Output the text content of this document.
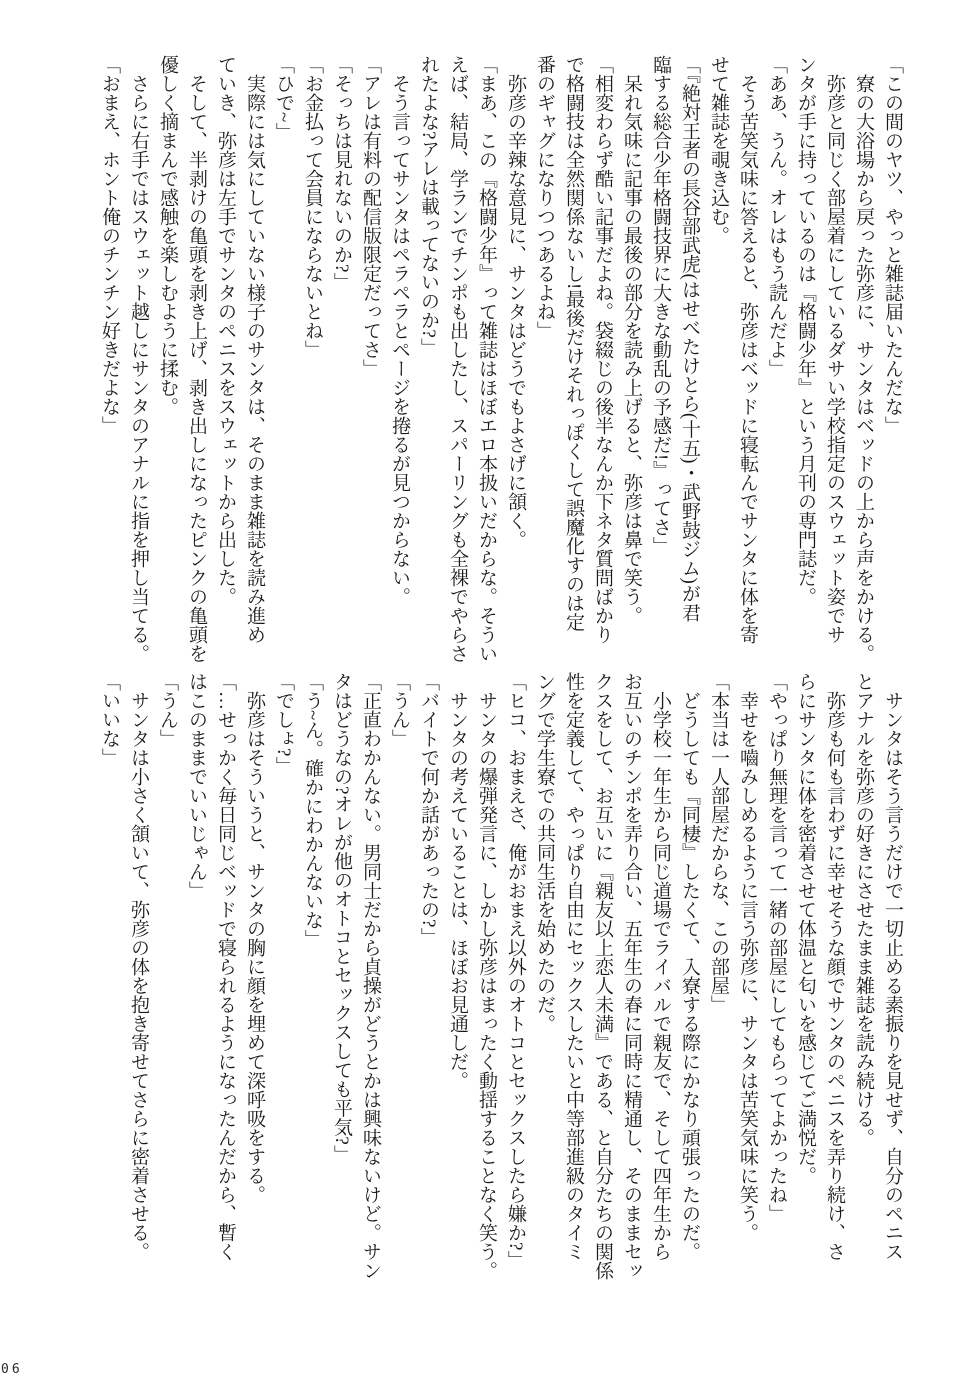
「この間のヤツ、やっと雑誌届いたんだな」
　寮の大浴場から戻った弥彦に、サンタはベッドの上から声をかける。
　弥彦と同じく部屋着にしているダサい学校指定のスウェット姿でサ
ンタが手に持っているのは『格闘少年』という月刊の専門誌だ。
「ああ、うん。オレはもう読んだよ」
　そう苦笑気味に答えると、弥彦はベッドに寝転んでサンタに体を寄
せて雑誌を覗き込む。
「『絶対王者の長谷部武虎(はせべたけとら(十五)・武野鼓ジム)が君
臨する総合少年格闘技界に大きな動乱の予感だ!』ってさ」
　呆れ気味に記事の最後の部分を読み上げると、弥彦は鼻で笑う。
「相変わらず酷い記事だよね。袋綴じの後半なんか下ネタ質問ばかり
で格闘技は全然関係ないし!最後だけそれっぽくして誤魔化すのは定
番のギャグになりつつあるよね」
　弥彦の辛辣な意見に、サンタはどうでもよさげに頷く。
「まあ、この『格闘少年』って雑誌はほぼエロ本扱いだからな。そうい
えば、結局、学ランでチンポも出したし、スパーリングも全裸でやらさ
れたよな?アレは載ってないのか?」
　そう言ってサンタはペラペラとページを捲るが見つからない。
「アレは有料の配信版限定だってさ」
「そっちは見れないのか?」
「お金払って会員にならないとね」
「ひで~」
　実際には気にしていない様子のサンタは、そのまま雑誌を読み進め
ていき、弥彦は左手でサンタのペニスをスウェットから出した。
　そして、半剥けの亀頭を剥き上げ、剥き出しになったピンクの亀頭を
優しく摘まんで感触を楽しむように揉む。
　さらに右手ではスウェット越しにサンタのアナルに指を押し当てる。
「おまえ、ホント俺のチンチン好きだよな」
　サンタはそう言うだけで一切止める素振りを見せず、自分のペニス
とアナルを弥彦の好きにさせたまま雑誌を読み続ける。
　弥彦も何も言わずに幸せそうな顔でサンタのペニスを弄り続け、さ
らにサンタに体を密着させて体温と匂いを感じてご満悦だ。
「やっぱり無理を言って一緒の部屋にしてもらってよかったね」
　幸せを嚙みしめるように言う弥彦に、サンタは苦笑気味に笑う。
「本当は一人部屋だからな、この部屋」
　どうしても『同棲』したくて、入寮する際にかなり頑張ったのだ。
　小学校一年生から同じ道場でライバルで親友で、そして四年生から
お互いのチンポを弄り合い、五年生の春に同時に精通し、そのままセッ
クスをして、お互いに『親友以上恋人未満』である、と自分たちの関係
性を定義して、やっぱり自由にセックスしたいと中等部進級のタイミ
ングで学生寮での共同生活を始めたのだ。
「ヒコ、おまえさ、俺がおまえ以外のオトコとセックスしたら嫌か?」
　サンタの爆弾発言に、しかし弥彦はまったく動揺することなく笑う。
　サンタの考えていることは、ほぼお見通しだ。
「バイトで何か話があったの?」
「うん」
「正直わかんない。男同士だから貞操がどうとかは興味ないけど。サン
タはどうなの?オレが他のオトコとセックスしても平気?」
「う~ん。確かにわかんないな」
「でしょ?」
　弥彦はそういうと、サンタの胸に顔を埋めて深呼吸をする。
「…せっかく毎日同じベッドで寝られるようになったんだから、暫く
はこのままでいいじゃん」
「うん」
　サンタは小さく頷いて、弥彦の体を抱き寄せてさらに密着させる。
「いいな」
06
